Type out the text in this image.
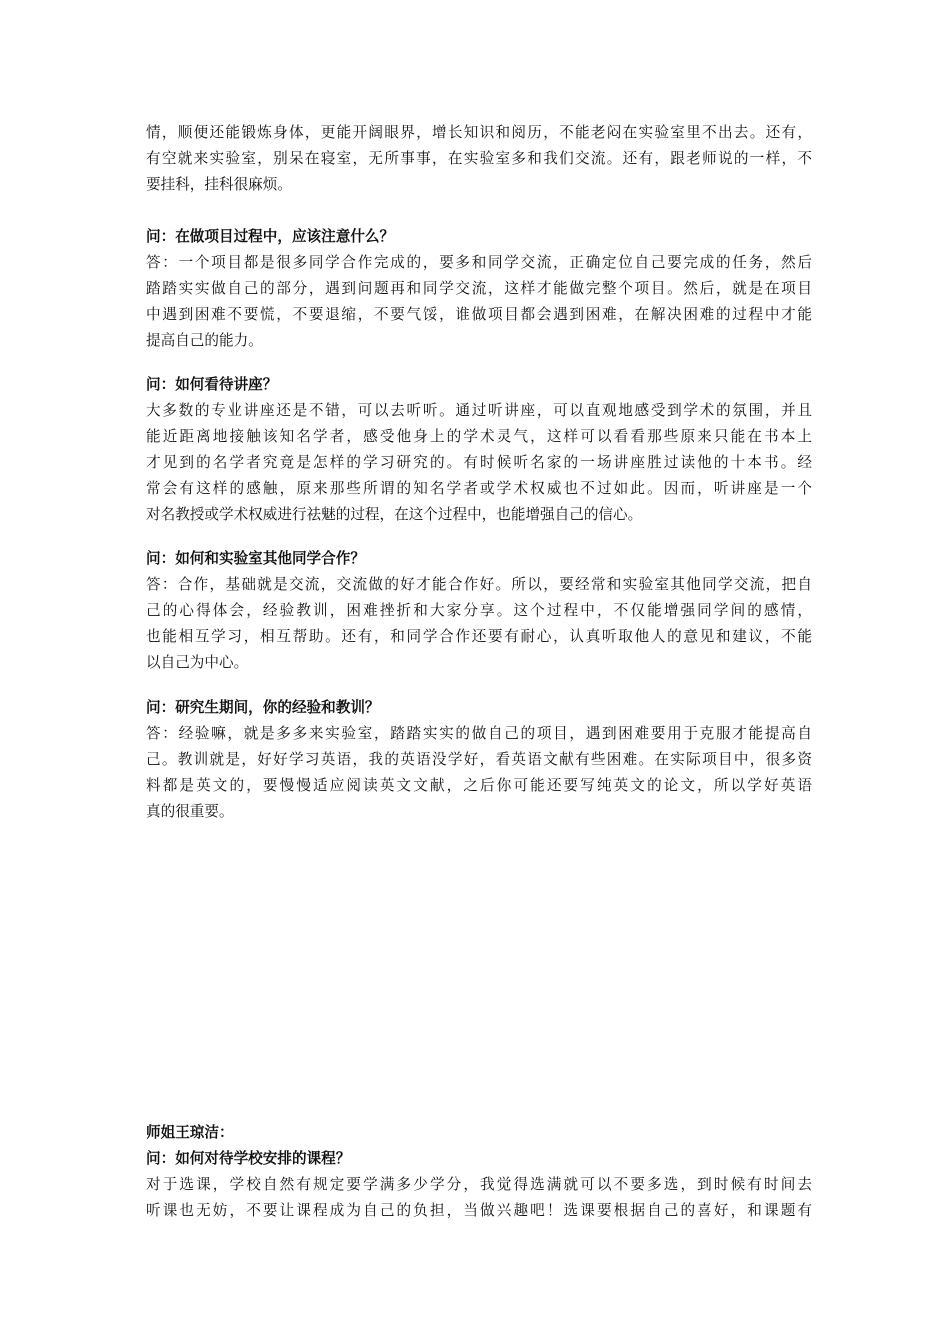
情，顺便还能锻炼身体，更能开阔眼界，增长知识和阅历，不能老闷在实验室里不出去。还有，
有空就来实验室，别呆在寝室，无所事事，在实验室多和我们交流。还有，跟老师说的一样，不
要挂科，挂科很麻烦。
问：在做项目过程中，应该注意什么？
答：一个项目都是很多同学合作完成的，要多和同学交流，正确定位自己要完成的任务，然后
踏踏实实做自己的部分，遇到问题再和同学交流，这样才能做完整个项目。然后，就是在项目
中遇到困难不要慌，不要退缩，不要气馁，谁做项目都会遇到困难，在解决困难的过程中才能
提高自己的能力。
问：如何看待讲座？
大多数的专业讲座还是不错，可以去听听。通过听讲座，可以直观地感受到学术的氛围，并且
能近距离地接触该知名学者，感受他身上的学术灵气，这样可以看看那些原来只能在书本上
才见到的名学者究竟是怎样的学习研究的。有时候听名家的一场讲座胜过读他的十本书。经
常会有这样的感触，原来那些所谓的知名学者或学术权威也不过如此。因而，听讲座是一个
对名教授或学术权威进行祛魅的过程，在这个过程中，也能增强自己的信心。
问：如何和实验室其他同学合作？
答：合作，基础就是交流，交流做的好才能合作好。所以，要经常和实验室其他同学交流，把自
己的心得体会，经验教训，困难挫折和大家分享。这个过程中，不仅能增强同学间的感情，
也能相互学习，相互帮助。还有，和同学合作还要有耐心，认真听取他人的意见和建议，不能
以自己为中心。
问：研究生期间，你的经验和教训？
答：经验嘛，就是多多来实验室，踏踏实实的做自己的项目，遇到困难要用于克服才能提高自
己。教训就是，好好学习英语，我的英语没学好，看英语文献有些困难。在实际项目中，很多资
料都是英文的，要慢慢适应阅读英文文献，之后你可能还要写纯英文的论文，所以学好英语
真的很重要。
师姐王琼洁：
问：如何对待学校安排的课程？
对于选课，学校自然有规定要学满多少学分，我觉得选满就可以不要多选，到时候有时间去
听课也无妨，不要让课程成为自己的负担，当做兴趣吧！选课要根据自己的喜好，和课题有
